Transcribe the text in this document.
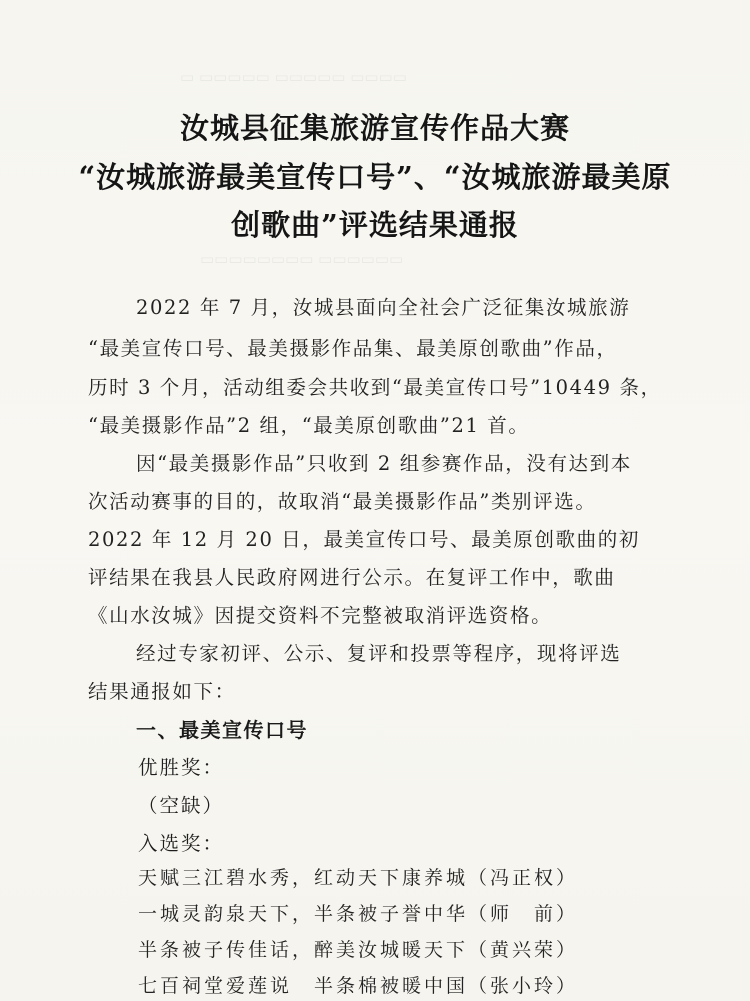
▭ ▭▭▭▭▭ ▭▭▭▭▭ ▭▭▭▭
▭▭▭▭▭▭▭▭ ▭▭▭▭▭▭
汝城县征集旅游宣传作品大赛
“汝城旅游最美宣传口号”、“汝城旅游最美原
创歌曲”评选结果通报
2022 年 7 月，汝城县面向全社会广泛征集汝城旅游
“最美宣传口号、最美摄影作品集、最美原创歌曲”作品，
历时 3 个月，活动组委会共收到“最美宣传口号”10449 条，
“最美摄影作品”2 组，“最美原创歌曲”21 首。
因“最美摄影作品”只收到 2 组参赛作品，没有达到本
次活动赛事的目的，故取消“最美摄影作品”类别评选。
2022 年 12 月 20 日，最美宣传口号、最美原创歌曲的初
评结果在我县人民政府网进行公示。在复评工作中，歌曲
《山水汝城》因提交资料不完整被取消评选资格。
经过专家初评、公示、复评和投票等程序，现将评选
结果通报如下：
一、最美宣传口号
优胜奖：
（空缺）
入选奖：
天赋三江碧水秀，红动天下康养城（冯正权）
一城灵韵泉天下，半条被子誉中华（师　前）
半条被子传佳话，醉美汝城暖天下（黄兴荣）
七百祠堂爱莲说　半条棉被暖中国（张小玲）
